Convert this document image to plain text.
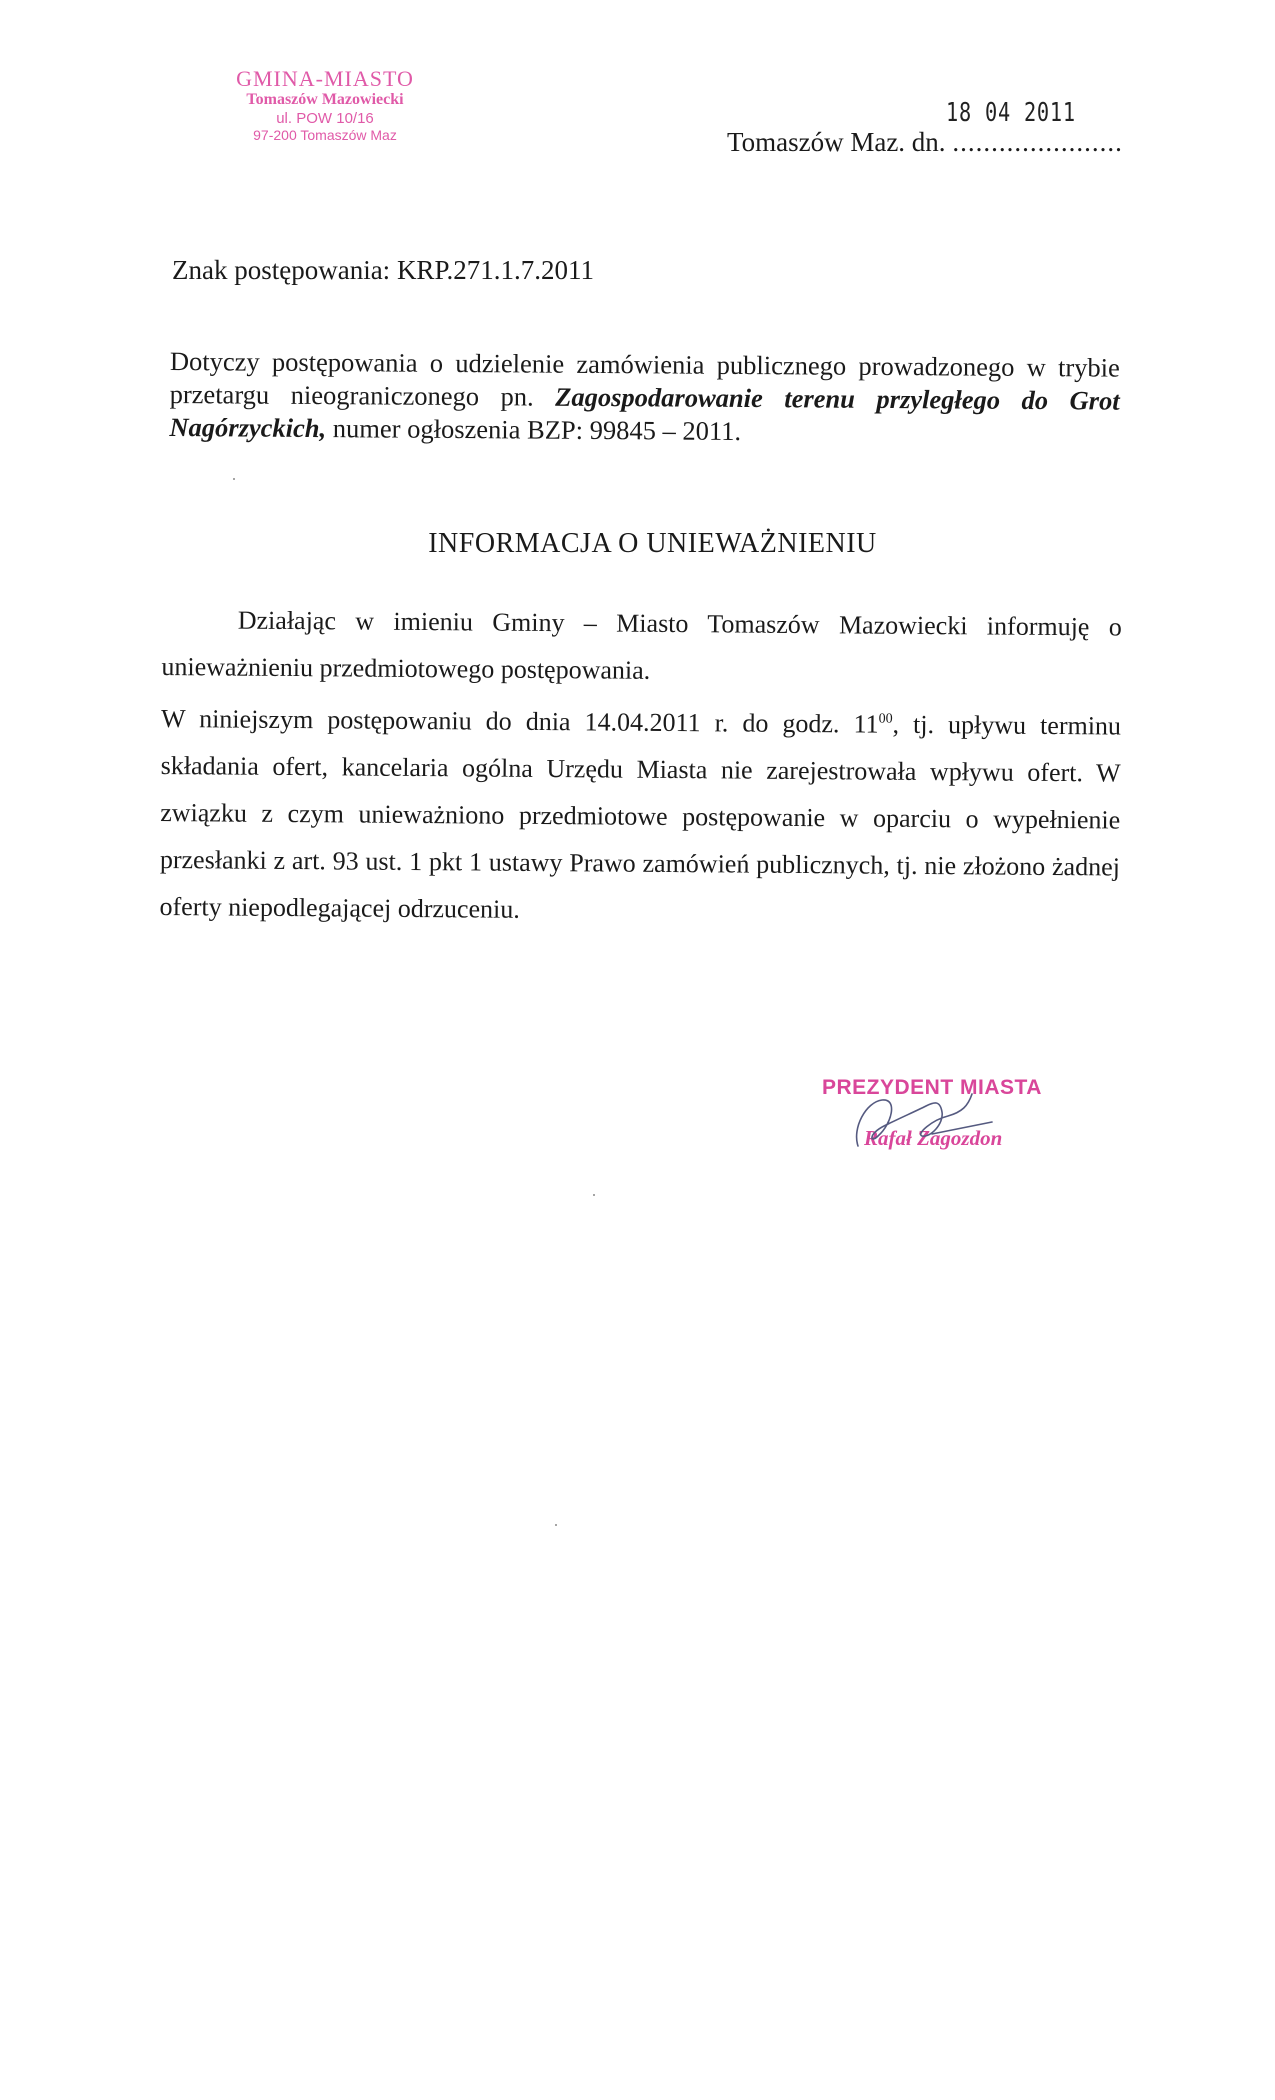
GMINA-MIASTO
Tomaszów Mazowiecki
ul. POW 10/16
97-200 Tomaszów Maz
18 04 2011
Tomaszów Maz. dn. ......................
Znak postępowania: KRP.271.1.7.2011
Dotyczy postępowania o udzielenie zamówienia publicznego prowadzonego w trybie przetargu nieograniczonego pn. Zagospodarowanie terenu przyległego do Grot Nagórzyckich, numer ogłoszenia BZP: 99845 – 2011.
INFORMACJA O UNIEWAŻNIENIU

Działając w imieniu Gminy – Miasto Tomaszów Mazowiecki informuję o unieważnieniu przedmiotowego postępowania.

W niniejszym postępowaniu do dnia 14.04.2011 r. do godz. $11^{00}$, tj. upływu terminu składania ofert, kancelaria ogólna Urzędu Miasta nie zarejestrowała wpływu ofert. W związku z czym unieważniono przedmiotowe postępowanie w oparciu o wypełnienie przesłanki z art. 93 ust. 1 pkt 1 ustawy Prawo zamówień publicznych, tj. nie złożono żadnej oferty niepodlegającej odrzuceniu.

PREZYDENT MIASTA
Rafał Zagozdon
